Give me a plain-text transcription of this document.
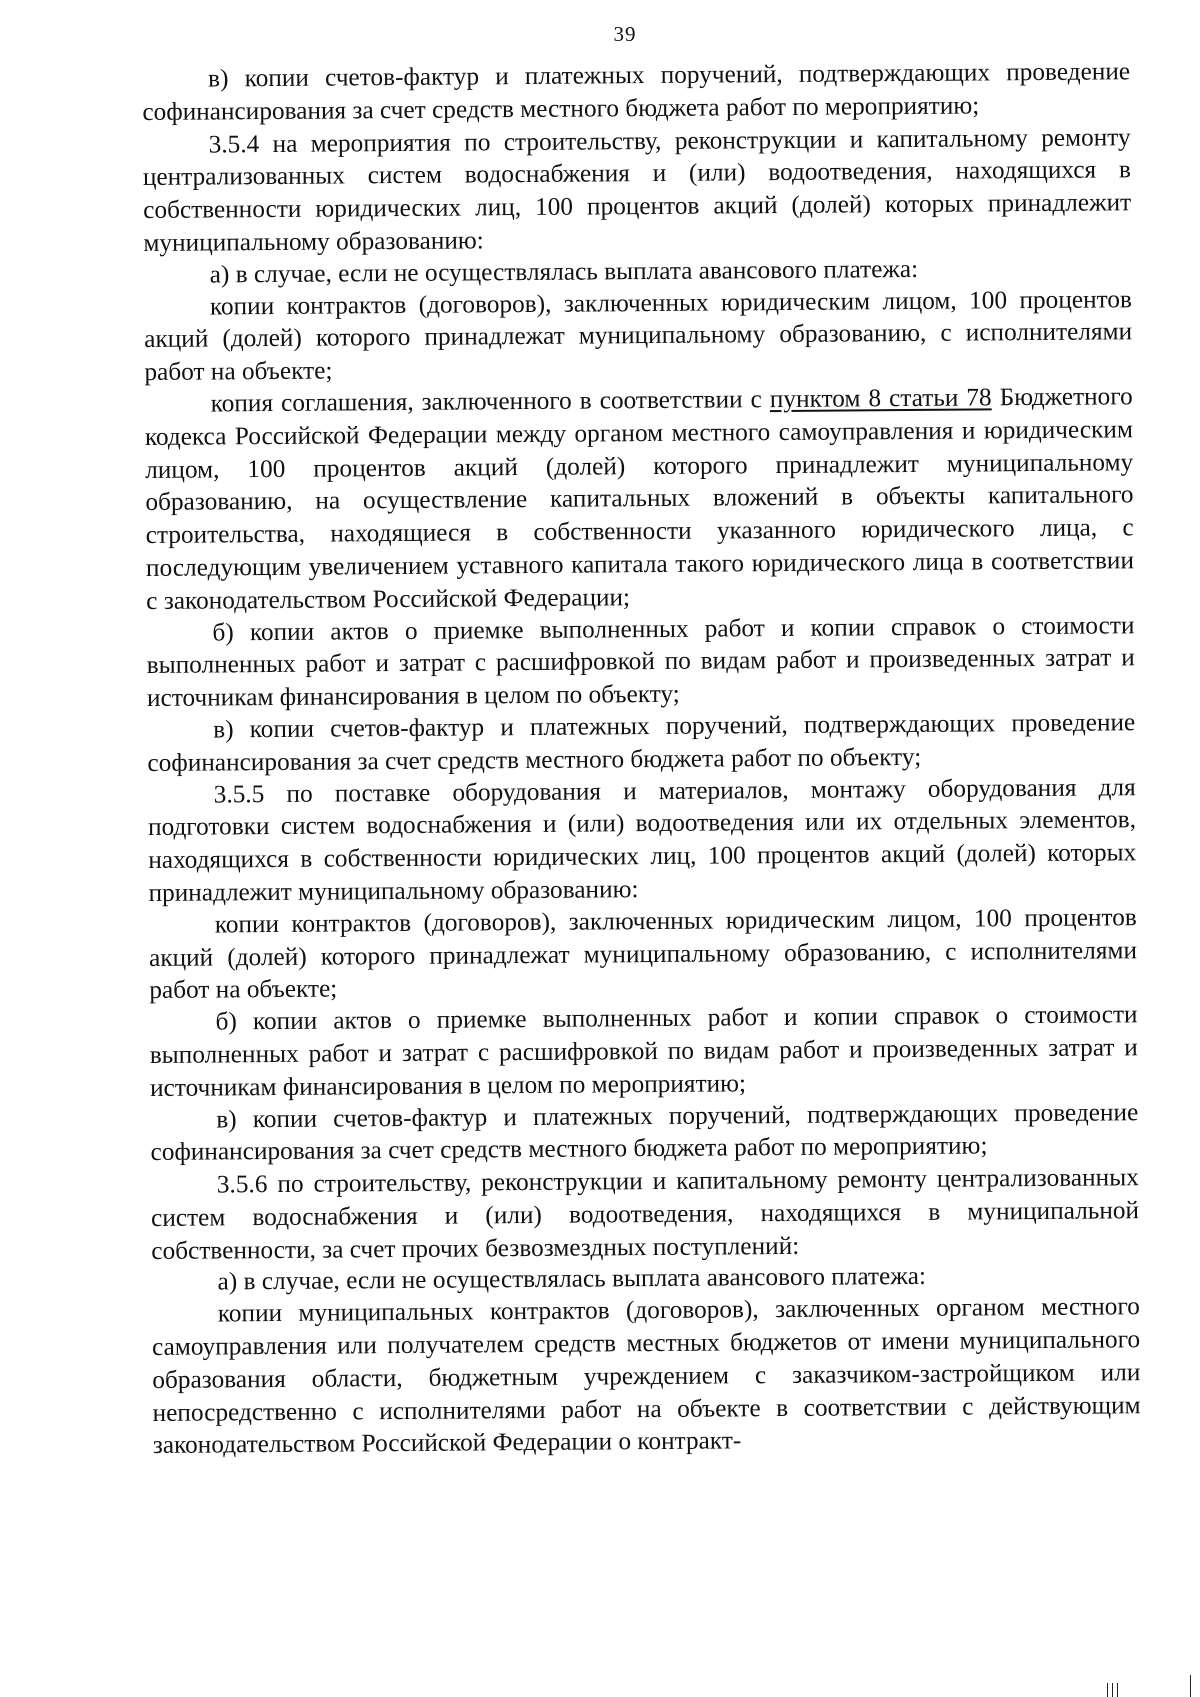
39

в) копии счетов-фактур и платежных поручений, подтверждающих проведение софинансирования за счет средств местного бюджета работ по мероприятию;

3.5.4 на мероприятия по строительству, реконструкции и капитальному ремонту централизованных систем водоснабжения и (или) водоотведения, находящихся в собственности юридических лиц, 100 процентов акций (долей) которых принадлежит муниципальному образованию:

а) в случае, если не осуществлялась выплата авансового платежа:

копии контрактов (договоров), заключенных юридическим лицом, 100 процентов акций (долей) которого принадлежат муниципальному образованию, с исполнителями работ на объекте;

копия соглашения, заключенного в соответствии с пунктом 8 статьи 78 Бюджетного кодекса Российской Федерации между органом местного самоуправления и юридическим лицом, 100 процентов акций (долей) которого принадлежит муниципальному образованию, на осуществление капитальных вложений в объекты капитального строительства, находящиеся в собственности указанного юридического лица, с последующим увеличением уставного капитала такого юридического лица в соответствии с законодательством Российской Федерации;

б) копии актов о приемке выполненных работ и копии справок о стоимости выполненных работ и затрат с расшифровкой по видам работ и произведенных затрат и источникам финансирования в целом по объекту;

в) копии счетов-фактур и платежных поручений, подтверждающих проведение софинансирования за счет средств местного бюджета работ по объекту;

3.5.5 по поставке оборудования и материалов, монтажу оборудования для подготовки систем водоснабжения и (или) водоотведения или их отдельных элементов, находящихся в собственности юридических лиц, 100 процентов акций (долей) которых принадлежит муниципальному образованию:

копии контрактов (договоров), заключенных юридическим лицом, 100 процентов акций (долей) которого принадлежат муниципальному образованию, с исполнителями работ на объекте;

б) копии актов о приемке выполненных работ и копии справок о стоимости выполненных работ и затрат с расшифровкой по видам работ и произведенных затрат и источникам финансирования в целом по мероприятию;

в) копии счетов-фактур и платежных поручений, подтверждающих проведение софинансирования за счет средств местного бюджета работ по мероприятию;

3.5.6 по строительству, реконструкции и капитальному ремонту централизованных систем водоснабжения и (или) водоотведения, находящихся в муниципальной собственности, за счет прочих безвозмездных поступлений:

а) в случае, если не осуществлялась выплата авансового платежа:

копии муниципальных контрактов (договоров), заключенных органом местного самоуправления или получателем средств местных бюджетов от имени муниципального образования области, бюджетным учреждением с заказчиком-застройщиком или непосредственно с исполнителями работ на объекте в соответствии с действующим законодательством Российской Федерации о контракт-
